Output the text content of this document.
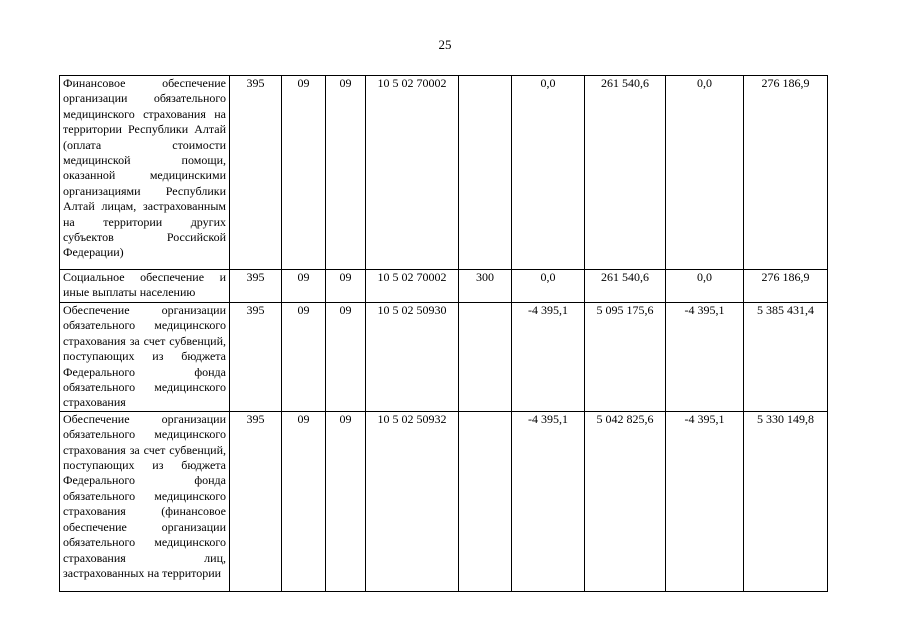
25
Финансовое обеспечение организации обязательного медицинского страхования на территории Республики Алтай (оплата стоимости медицинской помощи, оказанной медицинскими организациями Республики Алтай лицам, застрахованным на территории других субъектов Российской Федерации)	395	09	09	10 5 02 70002		0,0	261 540,6	0,0	276 186,9
Социальное обеспечение и иные выплаты населению	395	09	09	10 5 02 70002	300	0,0	261 540,6	0,0	276 186,9
Обеспечение организации обязательного медицинского страхования за счет субвенций, поступающих из бюджета Федерального фонда обязательного медицинского страхования	395	09	09	10 5 02 50930		-4 395,1	5 095 175,6	-4 395,1	5 385 431,4
Обеспечение организации обязательного медицинского страхования за счет субвенций, поступающих из бюджета Федерального фонда обязательного медицинского страхования (финансовое обеспечение организации обязательного медицинского страхования лиц, застрахованных на территории	395	09	09	10 5 02 50932		-4 395,1	5 042 825,6	-4 395,1	5 330 149,8
